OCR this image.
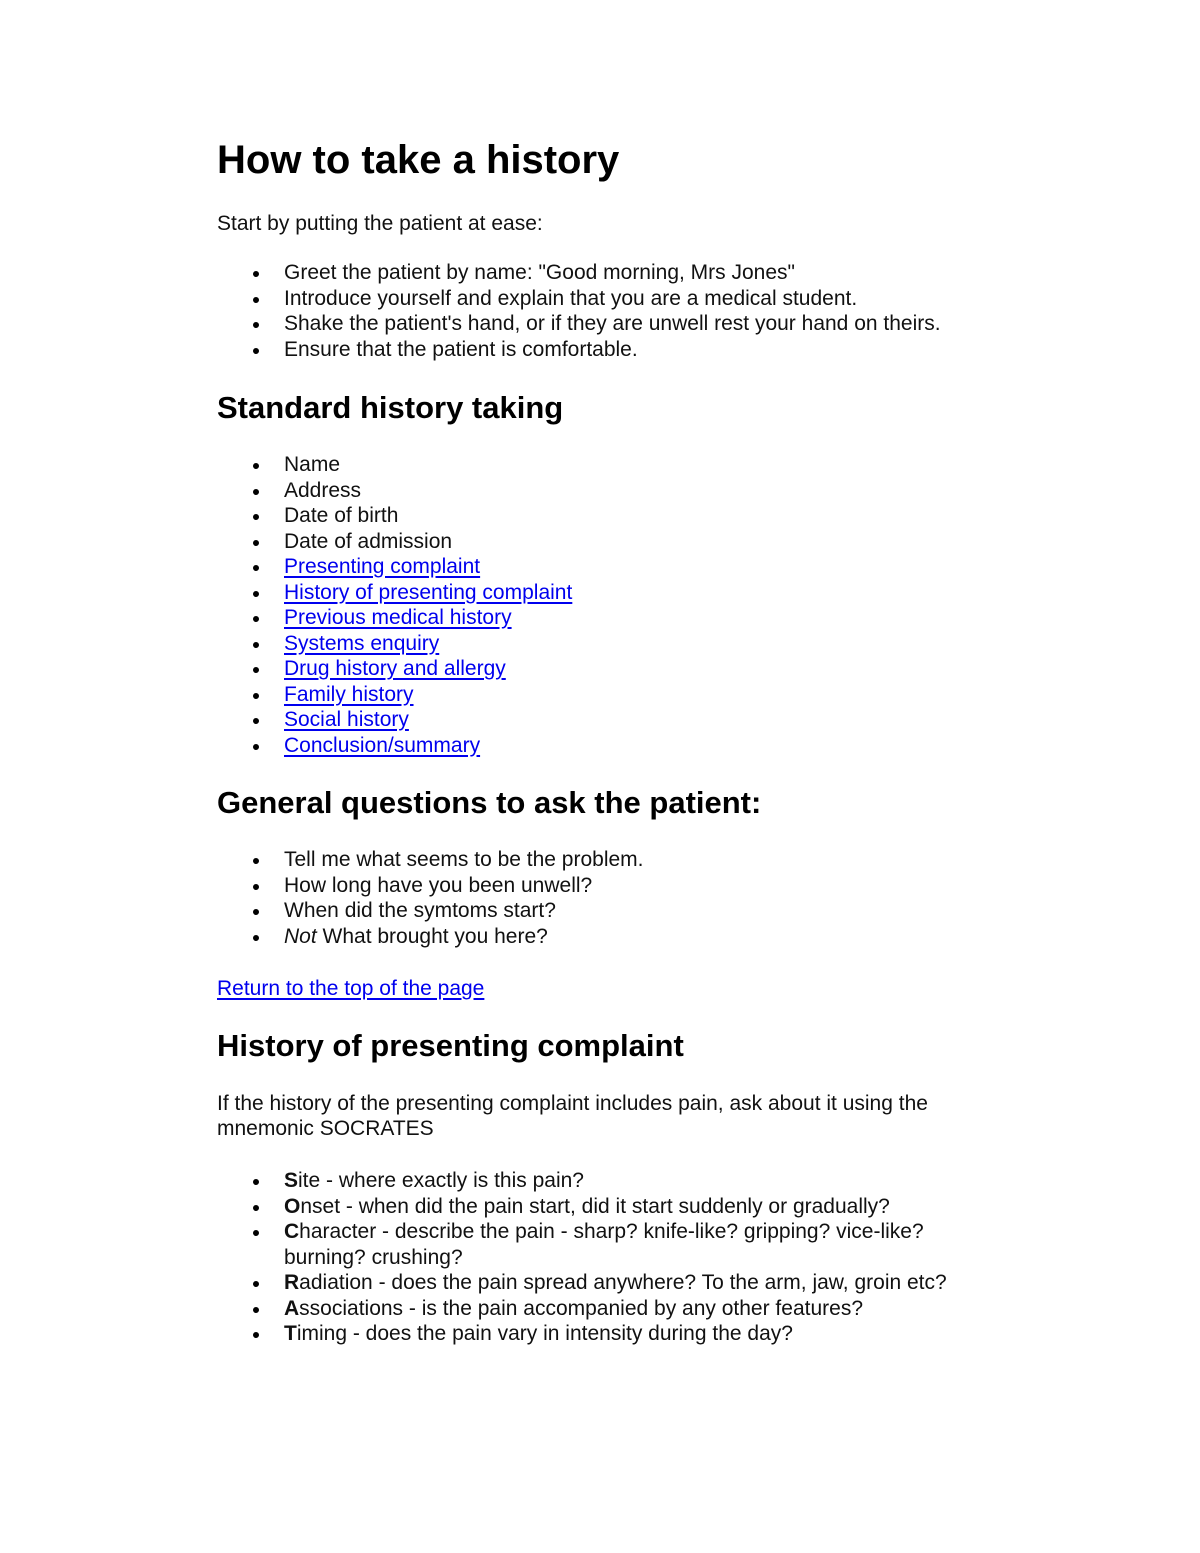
How to take a history

Start by putting the patient at ease:

Greet the patient by name: "Good morning, Mrs Jones"
Introduce yourself and explain that you are a medical student.
Shake the patient's hand, or if they are unwell rest your hand on theirs.
Ensure that the patient is comfortable.
Standard history taking
Name
Address
Date of birth
Date of admission
Presenting complaint
History of presenting complaint
Previous medical history
Systems enquiry
Drug history and allergy
Family history
Social history
Conclusion/summary
General questions to ask the patient:
Tell me what seems to be the problem.
How long have you been unwell?
When did the symtoms start?
Not What brought you here?

Return to the top of the page

History of presenting complaint

If the history of the presenting complaint includes pain, ask about it using the mnemonic SOCRATES

Site - where exactly is this pain?
Onset - when did the pain start, did it start suddenly or gradually?
Character - describe the pain - sharp? knife-like? gripping? vice-like? burning? crushing?
Radiation - does the pain spread anywhere? To the arm, jaw, groin etc?
Associations - is the pain accompanied by any other features?
Timing - does the pain vary in intensity during the day?
